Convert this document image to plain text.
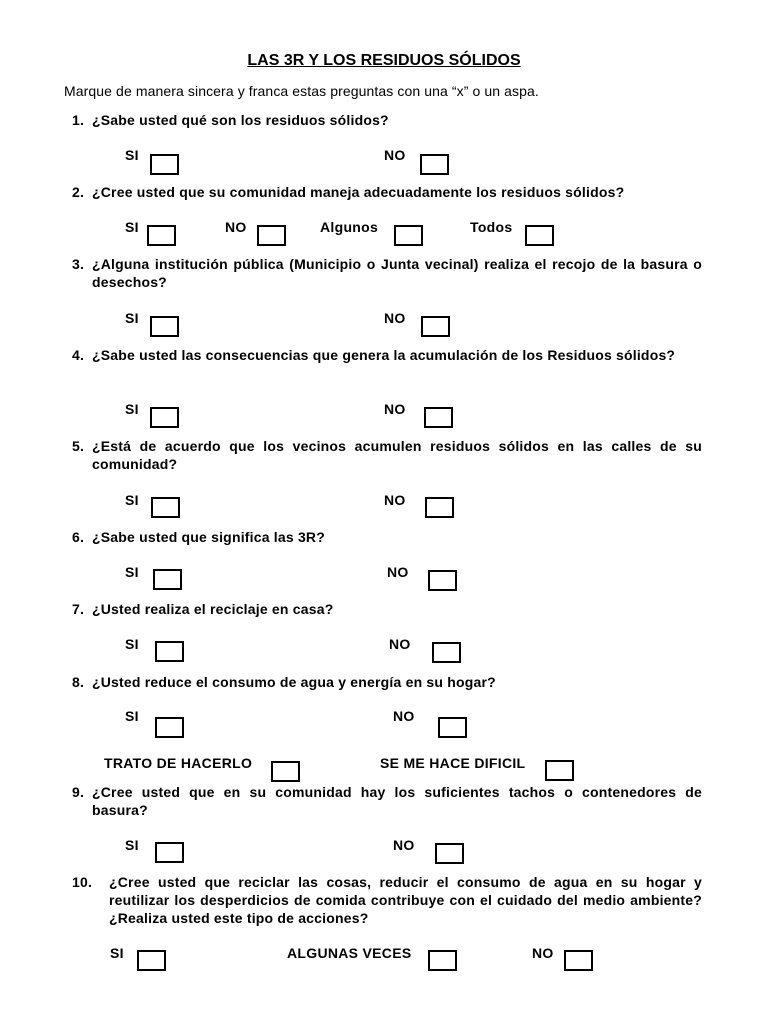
LAS 3R Y LOS RESIDUOS SÓLIDOS
Marque de manera sincera y franca estas preguntas con una “x” o un aspa.
1. ¿Sabe usted qué son los residuos sólidos?
SI	NO
2. ¿Cree usted que su comunidad maneja adecuadamente los residuos sólidos?
SI	NO	Algunos	Todos
3. ¿Alguna institución pública (Municipio o Junta vecinal) realiza el recojo de la basura o desechos?
SI	NO
4. ¿Sabe usted las consecuencias que genera la acumulación de los Residuos sólidos?
SI	NO
5. ¿Está de acuerdo que los vecinos acumulen residuos sólidos en las calles de su comunidad?
SI	NO
6. ¿Sabe usted que significa las 3R?
SI	NO
7. ¿Usted realiza el reciclaje en casa?
SI	NO
8. ¿Usted reduce el consumo de agua y energía en su hogar?
SI	NO
TRATO DE HACERLO	SE ME HACE DIFICIL
9. ¿Cree usted que en su comunidad hay los suficientes tachos o contenedores de basura?
SI	NO
10.	¿Cree usted que reciclar las cosas, reducir el consumo de agua en su hogar y reutilizar los desperdicios de comida contribuye con el cuidado del medio ambiente? ¿Realiza usted este tipo de acciones?
SI	ALGUNAS VECES	NO
